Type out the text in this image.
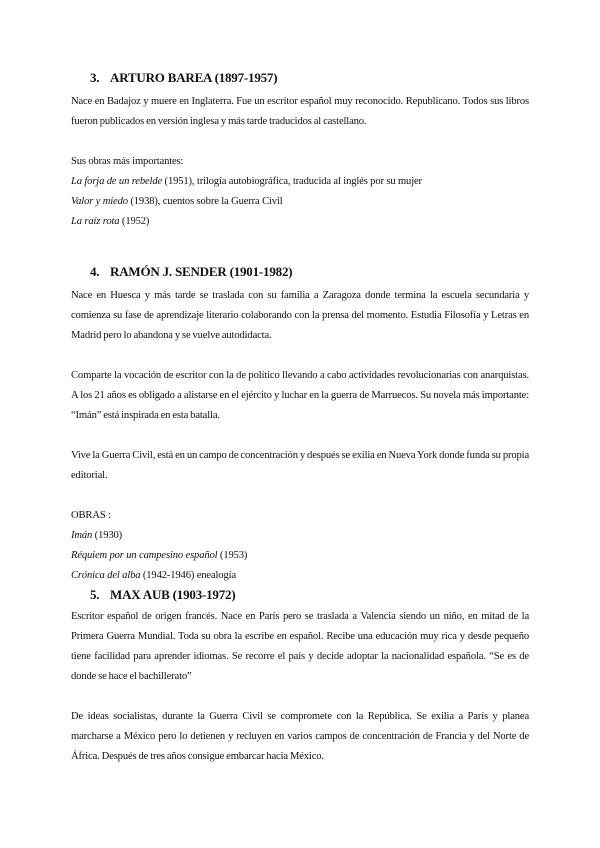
3. ARTURO BAREA (1897-1957)

Nace en Badajoz y muere en Inglaterra. Fue un escritor español muy reconocido. Republicano. Todos sus libros fueron publicados en versión inglesa y más tarde traducidos al castellano.

Sus obras más importantes:
La forja de un rebelde (1951), trilogía autobiográfica, traducida al inglés por su mujer
Valor y miedo (1938), cuentos sobre la Guerra Civil
La raíz rota (1952)
4. RAMÓN J. SENDER (1901-1982)

Nace en Huesca y más tarde se traslada con su familia a Zaragoza donde termina la escuela secundaria y comienza su fase de aprendizaje literario colaborando con la prensa del momento. Estudia Filosofía y Letras en Madrid pero lo abandona y se vuelve autodidacta.

Comparte la vocación de escritor con la de político llevando a cabo actividades revolucionarias con anarquistas. A los 21 años es obligado a alistarse en el ejército y luchar en la guerra de Marruecos. Su novela más importante: “Imán” está inspirada en esta batalla.

Vive la Guerra Civil, está en un campo de concentración y después se exilia en Nueva York donde funda su propia editorial.

OBRAS :
Imán (1930)
Réquiem por un campesino español (1953)
Crónica del alba (1942-1946) enealogía
5. MAX AUB (1903-1972)

Escritor español de origen francés. Nace en París pero se traslada a Valencia siendo un niño, en mitad de la Primera Guerra Mundial. Toda su obra la escribe en español. Recibe una educación muy rica y desde pequeño tiene facilidad para aprender idiomas. Se recorre el país y decide adoptar la nacionalidad española. “Se es de donde se hace el bachillerato”

De ideas socialistas, durante la Guerra Civil se compromete con la República. Se exilia a París y planea marcharse a México pero lo detienen y recluyen en varios campos de concentración de Francia y del Norte de África. Después de tres años consigue embarcar hacia México.
